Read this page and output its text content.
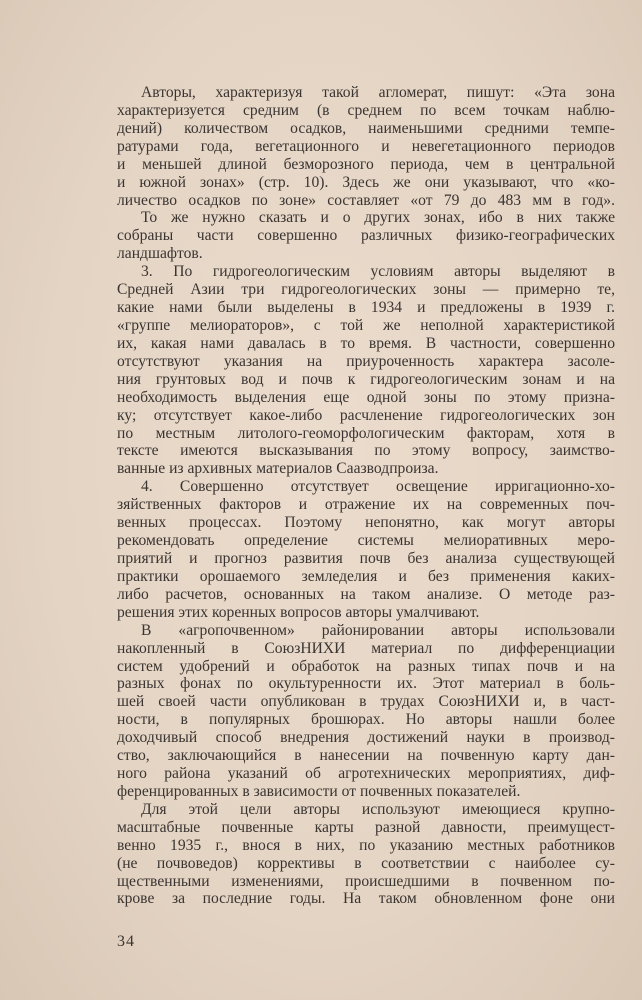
Авторы, характеризуя такой агломерат, пишут: «Эта зона
характеризуется средним (в среднем по всем точкам наблю-
дений) количеством осадков, наименьшими средними темпе-
ратурами года, вегетационного и невегетационного периодов
и меньшей длиной безморозного периода, чем в центральной
и южной зонах» (стр. 10). Здесь же они указывают, что «ко-
личество осадков по зоне» составляет «от 79 до 483 мм в год».
То же нужно сказать и о других зонах, ибо в них также
собраны части совершенно различных физико-географических
ландшафтов.
3. По гидрогеологическим условиям авторы выделяют в
Средней Азии три гидрогеологических зоны — примерно те,
какие нами были выделены в 1934 и предложены в 1939 г.
«группе мелиораторов», с той же неполной характеристикой
их, какая нами давалась в то время. В частности, совершенно
отсутствуют указания на приуроченность характера засоле-
ния грунтовых вод и почв к гидрогеологическим зонам и на
необходимость выделения еще одной зоны по этому призна-
ку; отсутствует какое-либо расчленение гидрогеологических зон
по местным литолого-геоморфологическим факторам, хотя в
тексте имеются высказывания по этому вопросу, заимство-
ванные из архивных материалов Саазводпроиза.
4. Совершенно отсутствует освещение ирригационно-хо-
зяйственных факторов и отражение их на современных поч-
венных процессах. Поэтому непонятно, как могут авторы
рекомендовать определение системы мелиоративных меро-
приятий и прогноз развития почв без анализа существующей
практики орошаемого земледелия и без применения каких-
либо расчетов, основанных на таком анализе. О методе раз-
решения этих коренных вопросов авторы умалчивают.
В «агропочвенном» районировании авторы использовали
накопленный в СоюзНИХИ материал по дифференциации
систем удобрений и обработок на разных типах почв и на
разных фонах по окультуренности их. Этот материал в боль-
шей своей части опубликован в трудах СоюзНИХИ и, в част-
ности, в популярных брошюрах. Но авторы нашли более
доходчивый способ внедрения достижений науки в производ-
ство, заключающийся в нанесении на почвенную карту дан-
ного района указаний об агротехнических мероприятиях, диф-
ференцированных в зависимости от почвенных показателей.
Для этой цели авторы используют имеющиеся крупно-
масштабные почвенные карты разной давности, преимущест-
венно 1935 г., внося в них, по указанию местных работников
(не почвоведов) коррективы в соответствии с наиболее су-
щественными изменениями, происшедшими в почвенном по-
крове за последние годы. На таком обновленном фоне они
34
